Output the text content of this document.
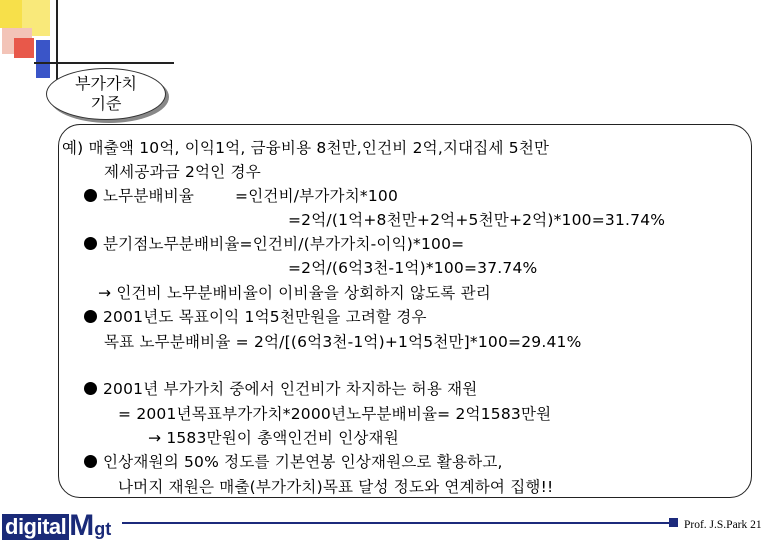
부가가치
기준
예) 매출액 10억, 이익1억, 금융비용 8천만,인건비 2억,지대집세 5천만
제세공과금 2억인 경우
노무분배비율        =인건비/부가가치*100
=2억/(1억+8천만+2억+5천만+2억)*100=31.74%
분기점노무분배비율=인건비/(부가가치-이익)*100=
=2억/(6억3천-1억)*100=37.74%
→ 인건비 노무분배비율이 이비율을 상회하지 않도록 관리
2001년도 목표이익 1억5천만원을 고려할 경우
목표 노무분배비율 = 2억/[(6억3천-1억)+1억5천만]*100=29.41%
2001년 부가가치 중에서 인건비가 차지하는 허용 재원
= 2001년목표부가가치*2000년노무분배비율= 2억1583만원
→ 1583만원이 총액인건비 인상재원
인상재원의 50% 정도를 기본연봉 인상재원으로 활용하고,
나머지 재원은 매출(부가가치)목표 달성 정도와 연계하여 집행!!
digital M gt	Prof. J.S.Park 21
